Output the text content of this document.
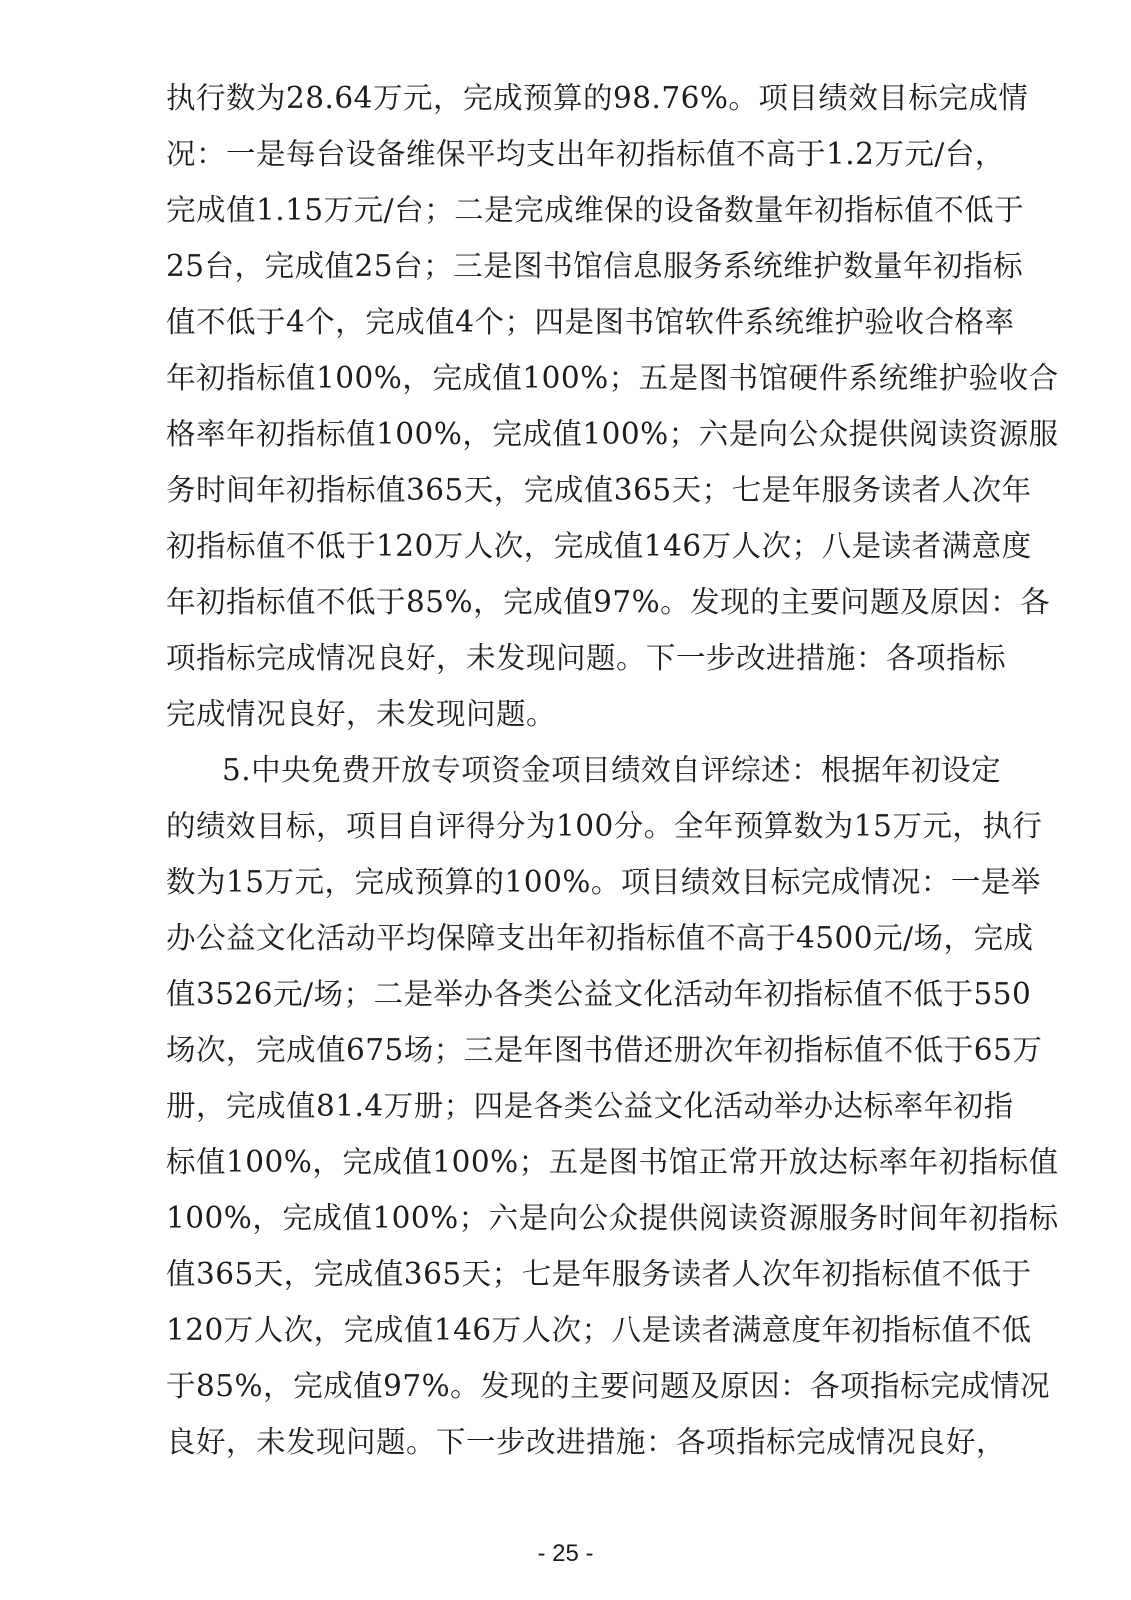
执行数为28.64万元，完成预算的98.76%。项目绩效目标完成情
况：一是每台设备维保平均支出年初指标值不高于1.2万元/台，
完成值1.15万元/台；二是完成维保的设备数量年初指标值不低于
25台，完成值25台；三是图书馆信息服务系统维护数量年初指标
值不低于4个，完成值4个；四是图书馆软件系统维护验收合格率
年初指标值100%，完成值100%；五是图书馆硬件系统维护验收合
格率年初指标值100%，完成值100%；六是向公众提供阅读资源服
务时间年初指标值365天，完成值365天；七是年服务读者人次年
初指标值不低于120万人次，完成值146万人次；八是读者满意度
年初指标值不低于85%，完成值97%。发现的主要问题及原因：各
项指标完成情况良好，未发现问题。下一步改进措施：各项指标
完成情况良好，未发现问题。
5.中央免费开放专项资金项目绩效自评综述：根据年初设定
的绩效目标，项目自评得分为100分。全年预算数为15万元，执行
数为15万元，完成预算的100%。项目绩效目标完成情况：一是举
办公益文化活动平均保障支出年初指标值不高于4500元/场，完成
值3526元/场；二是举办各类公益文化活动年初指标值不低于550
场次，完成值675场；三是年图书借还册次年初指标值不低于65万
册，完成值81.4万册；四是各类公益文化活动举办达标率年初指
标值100%，完成值100%；五是图书馆正常开放达标率年初指标值
100%，完成值100%；六是向公众提供阅读资源服务时间年初指标
值365天，完成值365天；七是年服务读者人次年初指标值不低于
120万人次，完成值146万人次；八是读者满意度年初指标值不低
于85%，完成值97%。发现的主要问题及原因：各项指标完成情况
良好，未发现问题。下一步改进措施：各项指标完成情况良好，
- 25 -
